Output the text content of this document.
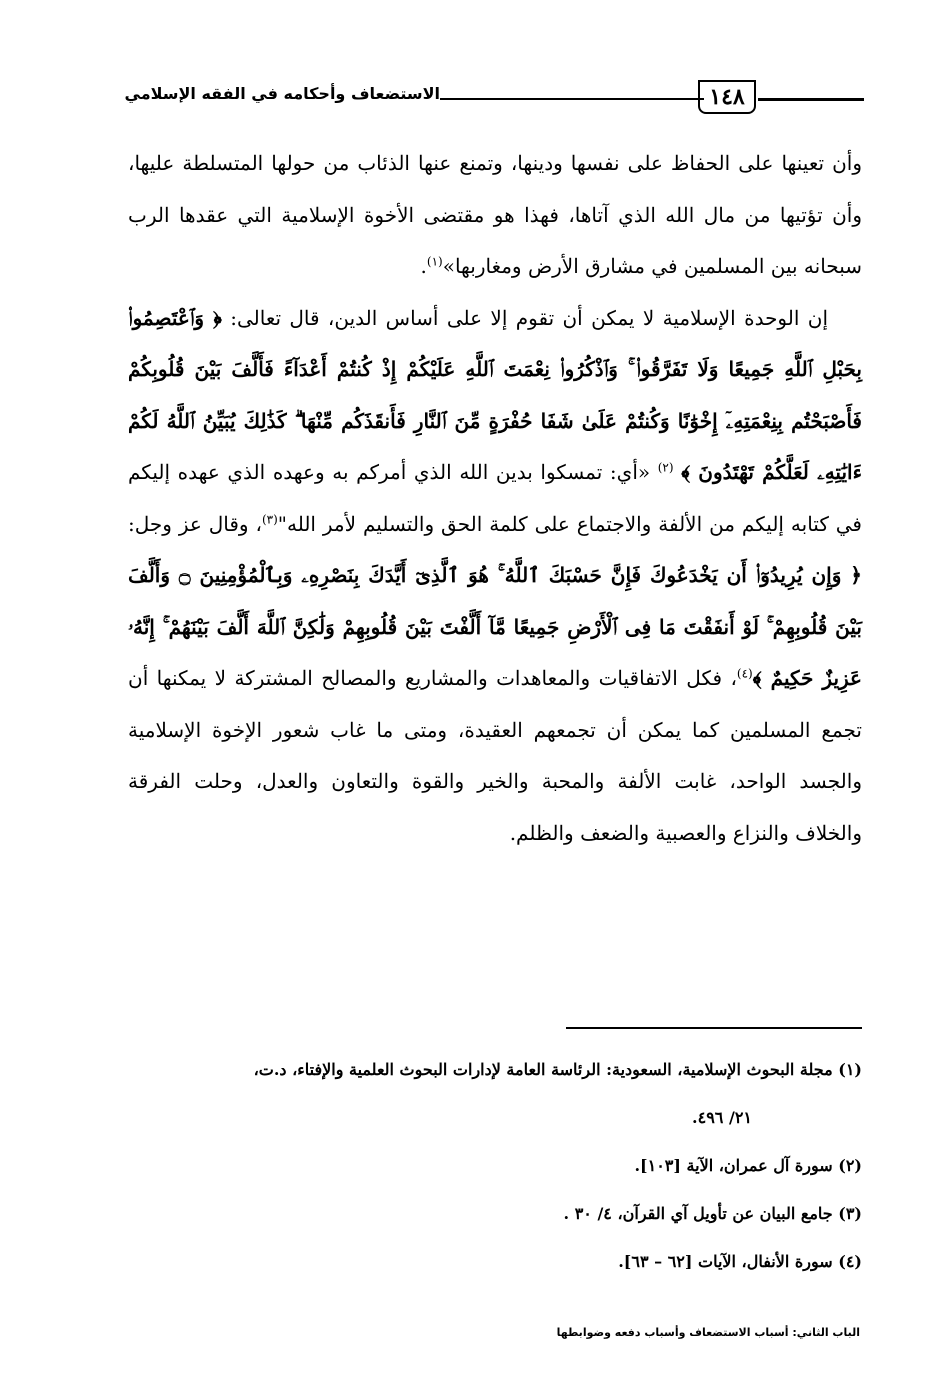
١٤٨
الاستضعاف وأحكامه في الفقه الإسلامي

وأن تعينها على الحفاظ على نفسها ودينها، وتمنع عنها الذئاب من حولها المتسلطة عليها، وأن تؤتيها من مال الله الذي آتاها، فهذا هو مقتضى الأخوة الإسلامية التي عقدها الرب سبحانه بين المسلمين في مشارق الأرض ومغاربها»$^{(١)}$.

إن الوحدة الإسلامية لا يمكن أن تقوم إلا على أساس الدين، قال تعالى: ﴿ وَٱعْتَصِمُوا۟ بِحَبْلِ ٱللَّهِ جَمِيعًا وَلَا تَفَرَّقُوا۟ ۚ وَٱذْكُرُوا۟ نِعْمَتَ ٱللَّهِ عَلَيْكُمْ إِذْ كُنتُمْ أَعْدَآءً فَأَلَّفَ بَيْنَ قُلُوبِكُمْ فَأَصْبَحْتُم بِنِعْمَتِهِۦٓ إِخْوَٰنًا وَكُنتُمْ عَلَىٰ شَفَا حُفْرَةٍ مِّنَ ٱلنَّارِ فَأَنقَذَكُم مِّنْهَا ۗ كَذَٰلِكَ يُبَيِّنُ ٱللَّهُ لَكُمْ ءَايَٰتِهِۦ لَعَلَّكُمْ تَهْتَدُونَ ﴾ $^{(٢)}$ «أي: تمسكوا بدين الله الذي أمركم به وعهده الذي عهده إليكم في كتابه إليكم من الألفة والاجتماع على كلمة الحق والتسليم لأمر الله"$^{(٣)}$، وقال عز وجل: ﴿ وَإِن يُرِيدُوٓا۟ أَن يَخْدَعُوكَ فَإِنَّ حَسْبَكَ ٱللَّهُ ۚ هُوَ ٱلَّذِىٓ أَيَّدَكَ بِنَصْرِهِۦ وَبِٱلْمُؤْمِنِينَ ۝ وَأَلَّفَ بَيْنَ قُلُوبِهِمْ ۚ لَوْ أَنفَقْتَ مَا فِى ٱلْأَرْضِ جَمِيعًا مَّآ أَلَّفْتَ بَيْنَ قُلُوبِهِمْ وَلَٰكِنَّ ٱللَّهَ أَلَّفَ بَيْنَهُمْ ۚ إِنَّهُۥ عَزِيزٌ حَكِيمٌ ﴾$^{(٤)}$، فكل الاتفاقيات والمعاهدات والمشاريع والمصالح المشتركة لا يمكنها أن تجمع المسلمين كما يمكن أن تجمعهم العقيدة، ومتى ما غاب شعور الإخوة الإسلامية والجسد الواحد، غابت الألفة والمحبة والخير والقوة والتعاون والعدل، وحلت الفرقة والخلاف والنزاع والعصبية والضعف والظلم.

(١) مجلة البحوث الإسلامية، السعودية: الرئاسة العامة لإدارات البحوث العلمية والإفتاء، د.ت،

٢١/ ٤٩٦.

(٢) سورة آل عمران، الآية [١٠٣].

(٣) جامع البيان عن تأويل آي القرآن، ٤/ ٣٠ .

(٤) سورة الأنفال، الآيات [٦٢ – ٦٣].

الباب الثاني: أسباب الاستضعاف وأسباب دفعه وضوابطها
